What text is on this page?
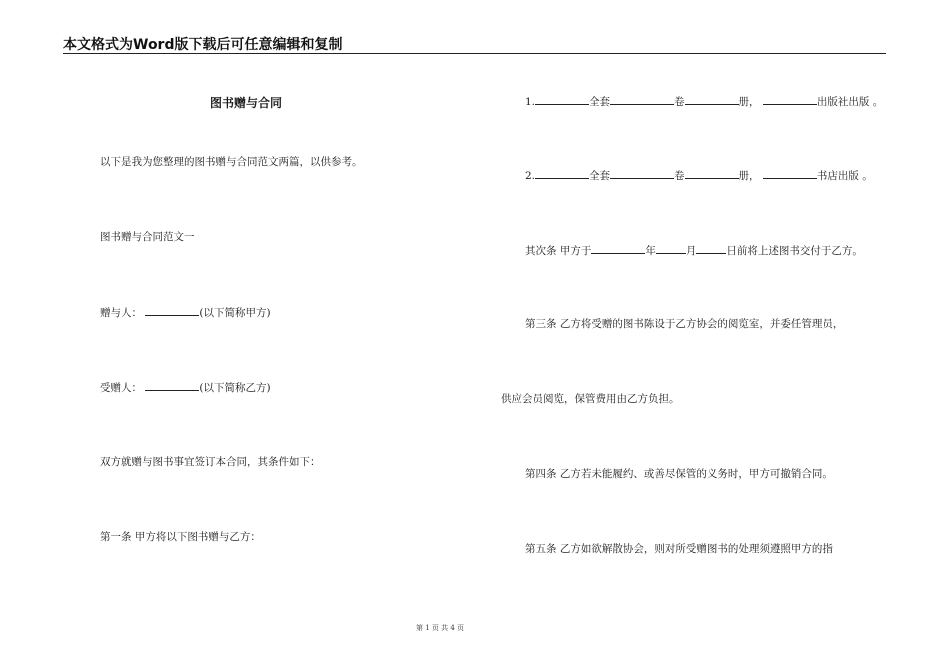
本文格式为Word版下载后可任意编辑和复制
图书赠与合同
以下是我为您整理的图书赠与合同范文两篇，以供参考。
图书赠与合同范文一
赠与人：	(以下简称甲方)
受赠人：	(以下简称乙方)
双方就赠与图书事宜签订本合同，其条件如下：
第一条 甲方将以下图书赠与乙方：
1.	全套	卷	册，	出版社出版 。
2.	全套	卷	册，	书店出版 。
其次条 甲方于	年	月	日前将上述图书交付于乙方。
第三条 乙方将受赠的图书陈设于乙方协会的阅览室，并委任管理员，
供应会员阅览，保管费用由乙方负担。
第四条 乙方若未能履约、或善尽保管的义务时，甲方可撤销合同。
第五条 乙方如欲解散协会，则对所受赠图书的处理须遵照甲方的指
第 1 页 共 4 页
